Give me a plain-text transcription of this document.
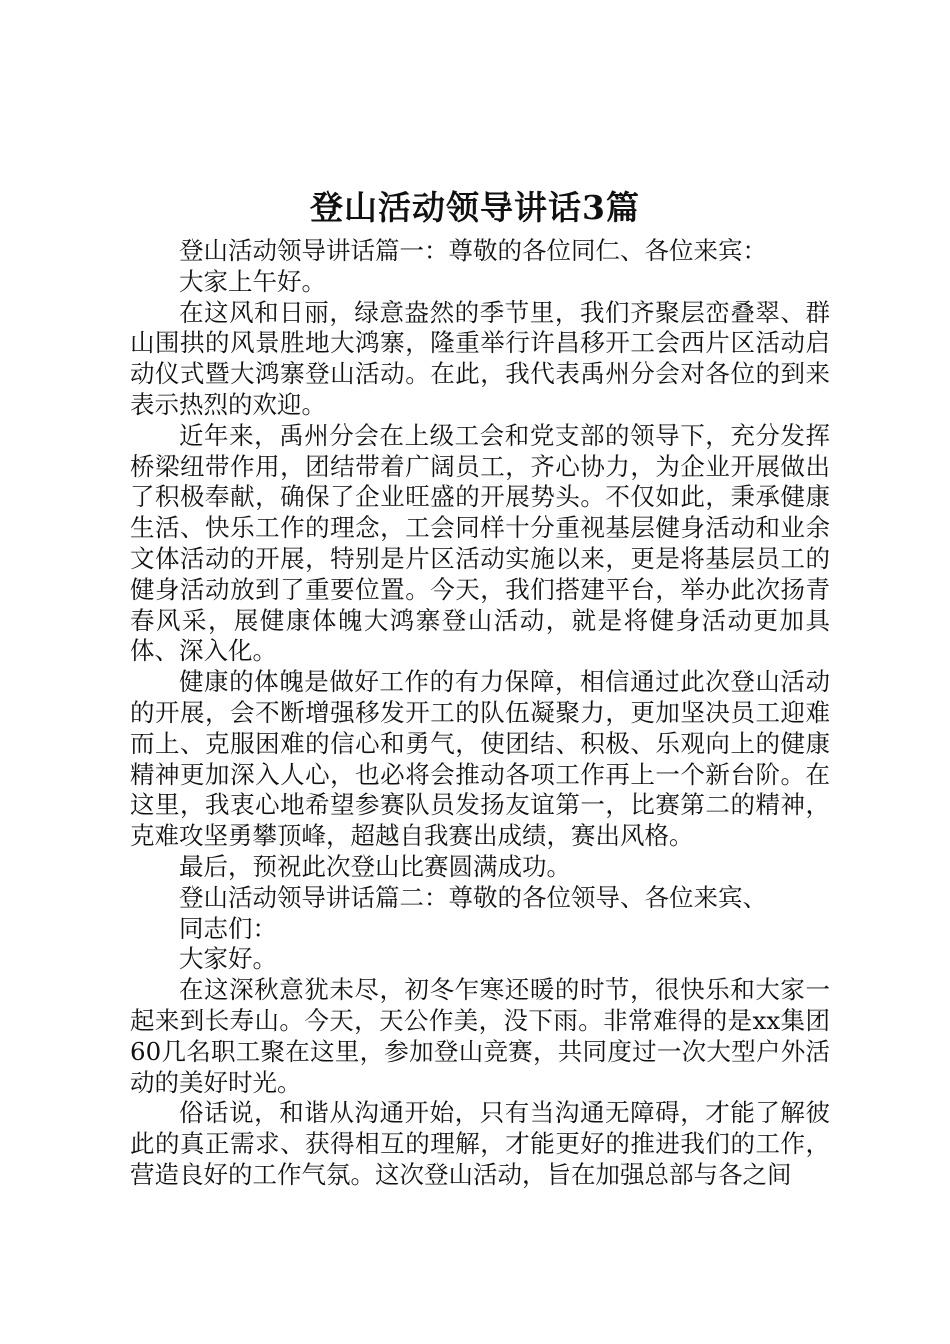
登山活动领导讲话3篇

登山活动领导讲话篇一：尊敬的各位同仁、各位来宾：

大家上午好。

在这风和日丽，绿意盎然的季节里，我们齐聚层峦叠翠、群山围拱的风景胜地大鸿寨，隆重举行许昌移开工会西片区活动启动仪式暨大鸿寨登山活动。在此，我代表禹州分会对各位的到来表示热烈的欢迎。

近年来，禹州分会在上级工会和党支部的领导下，充分发挥桥梁纽带作用，团结带着广阔员工，齐心协力，为企业开展做出了积极奉献，确保了企业旺盛的开展势头。不仅如此，秉承健康生活、快乐工作的理念，工会同样十分重视基层健身活动和业余文体活动的开展，特别是片区活动实施以来，更是将基层员工的健身活动放到了重要位置。今天，我们搭建平台，举办此次扬青春风采，展健康体魄大鸿寨登山活动，就是将健身活动更加具体、深入化。

健康的体魄是做好工作的有力保障，相信通过此次登山活动的开展，会不断增强移发开工的队伍凝聚力，更加坚决员工迎难而上、克服困难的信心和勇气，使团结、积极、乐观向上的健康精神更加深入人心，也必将会推动各项工作再上一个新台阶。在这里，我衷心地希望参赛队员发扬友谊第一，比赛第二的精神，克难攻坚勇攀顶峰，超越自我赛出成绩，赛出风格。

最后，预祝此次登山比赛圆满成功。

登山活动领导讲话篇二：尊敬的各位领导、各位来宾、

同志们：

大家好。

在这深秋意犹未尽，初冬乍寒还暖的时节，很快乐和大家一起来到长寿山。今天，天公作美，没下雨。非常难得的是xx集团60几名职工聚在这里，参加登山竞赛，共同度过一次大型户外活动的美好时光。

俗话说，和谐从沟通开始，只有当沟通无障碍，才能了解彼此的真正需求、获得相互的理解，才能更好的推进我们的工作，营造良好的工作气氛。这次登山活动，旨在加强总部与各之间
